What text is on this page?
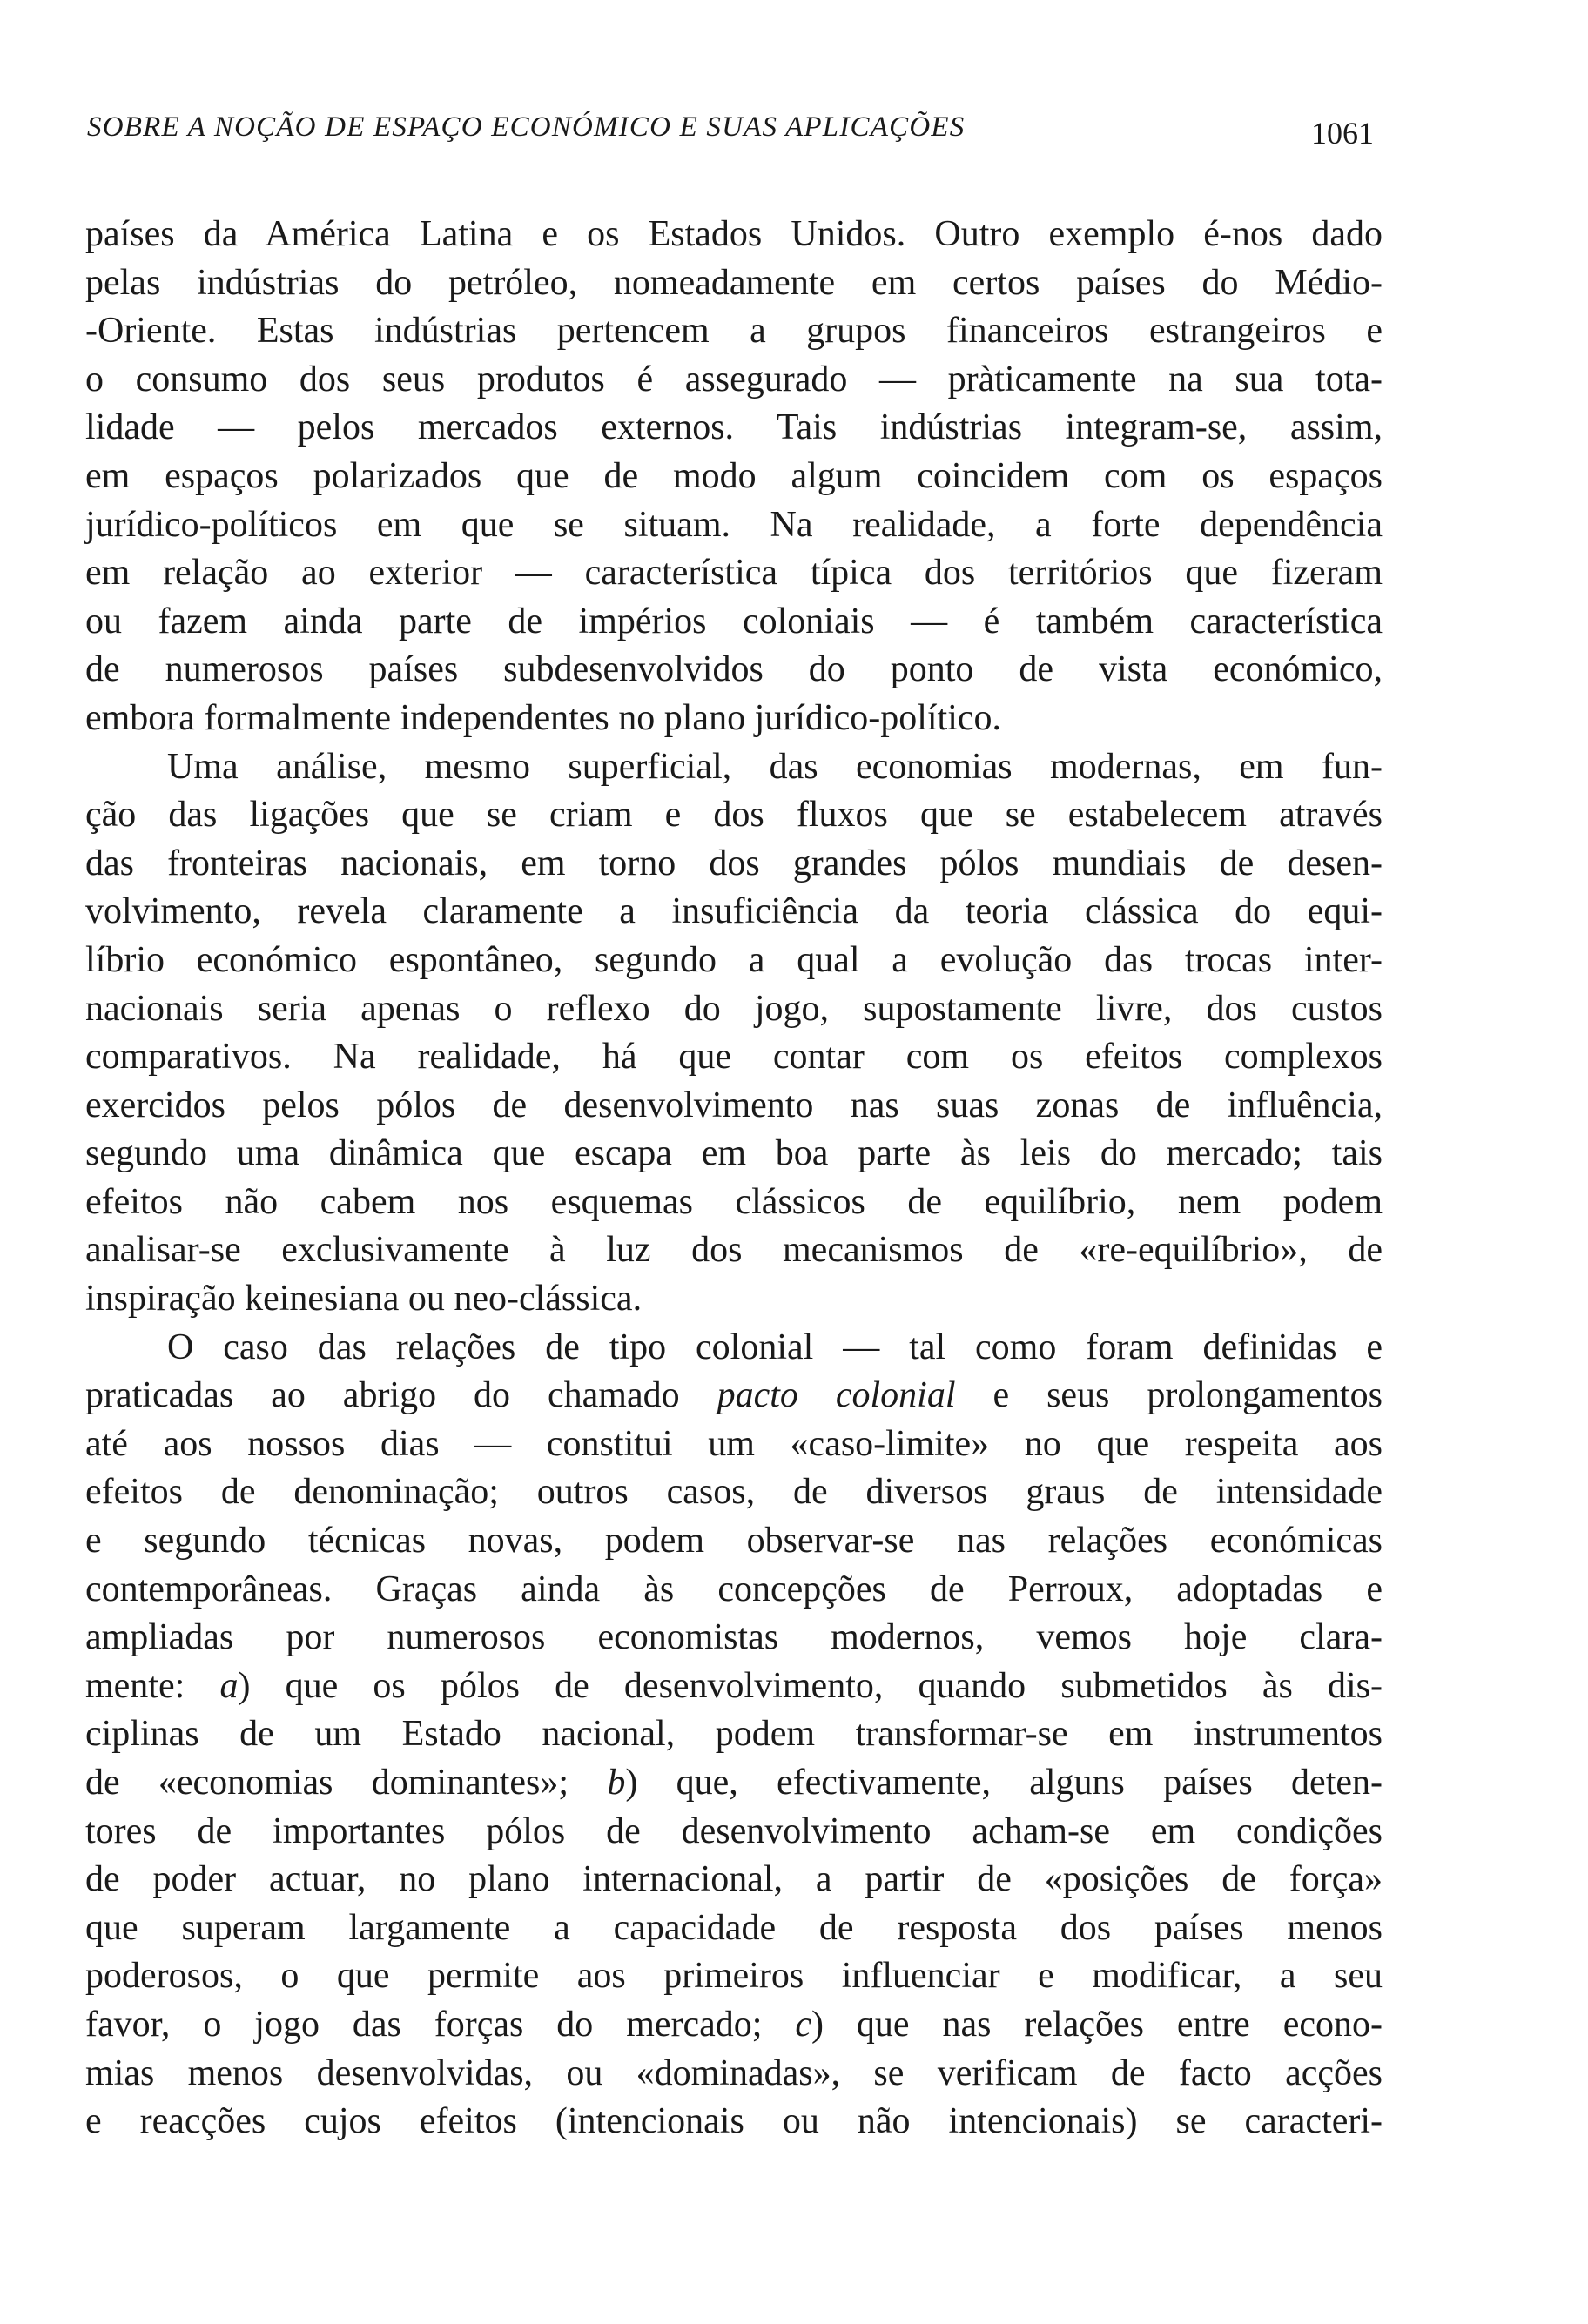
SOBRE A NOÇÃO DE ESPAÇO ECONÓMICO E SUAS APLICAÇÕES	1061
países da América Latina e os Estados Unidos. Outro exemplo é-nos dado
pelas indústrias do petróleo, nomeadamente em certos países do Médio-
-Oriente. Estas indústrias pertencem a grupos financeiros estrangeiros e
o consumo dos seus produtos é assegurado — pràticamente na sua tota-
lidade — pelos mercados externos. Tais indústrias integram-se, assim,
em espaços polarizados que de modo algum coincidem com os espaços
jurídico-políticos em que se situam. Na realidade, a forte dependência
em relação ao exterior — característica típica dos territórios que fizeram
ou fazem ainda parte de impérios coloniais — é também característica
de numerosos países subdesenvolvidos do ponto de vista económico,
embora formalmente independentes no plano jurídico-político.
Uma análise, mesmo superficial, das economias modernas, em fun-
ção das ligações que se criam e dos fluxos que se estabelecem através
das fronteiras nacionais, em torno dos grandes pólos mundiais de desen-
volvimento, revela claramente a insuficiência da teoria clássica do equi-
líbrio económico espontâneo, segundo a qual a evolução das trocas inter-
nacionais seria apenas o reflexo do jogo, supostamente livre, dos custos
comparativos. Na realidade, há que contar com os efeitos complexos
exercidos pelos pólos de desenvolvimento nas suas zonas de influência,
segundo uma dinâmica que escapa em boa parte às leis do mercado; tais
efeitos não cabem nos esquemas clássicos de equilíbrio, nem podem
analisar-se exclusivamente à luz dos mecanismos de «re-equilíbrio», de
inspiração keinesiana ou neo-clássica.
O caso das relações de tipo colonial — tal como foram definidas e
praticadas ao abrigo do chamado pacto colonial e seus prolongamentos
até aos nossos dias — constitui um «caso-limite» no que respeita aos
efeitos de denominação; outros casos, de diversos graus de intensidade
e segundo técnicas novas, podem observar-se nas relações económicas
contemporâneas. Graças ainda às concepções de Perroux, adoptadas e
ampliadas por numerosos economistas modernos, vemos hoje clara-
mente: a) que os pólos de desenvolvimento, quando submetidos às dis-
ciplinas de um Estado nacional, podem transformar-se em instrumentos
de «economias dominantes»; b) que, efectivamente, alguns países deten-
tores de importantes pólos de desenvolvimento acham-se em condições
de poder actuar, no plano internacional, a partir de «posições de força»
que superam largamente a capacidade de resposta dos países menos
poderosos, o que permite aos primeiros influenciar e modificar, a seu
favor, o jogo das forças do mercado; c) que nas relações entre econo-
mias menos desenvolvidas, ou «dominadas», se verificam de facto acções
e reacções cujos efeitos (intencionais ou não intencionais) se caracteri-
